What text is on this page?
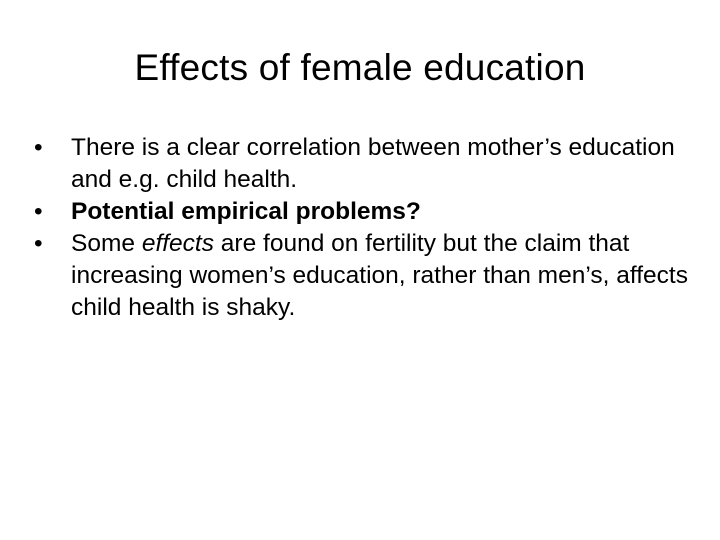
Effects of female education
•	There is a clear correlation between mother’s education and e.g. child health.
•	Potential empirical problems?
•	Some effects are found on fertility but the claim that increasing women’s education, rather than men’s, affects child health is shaky.
